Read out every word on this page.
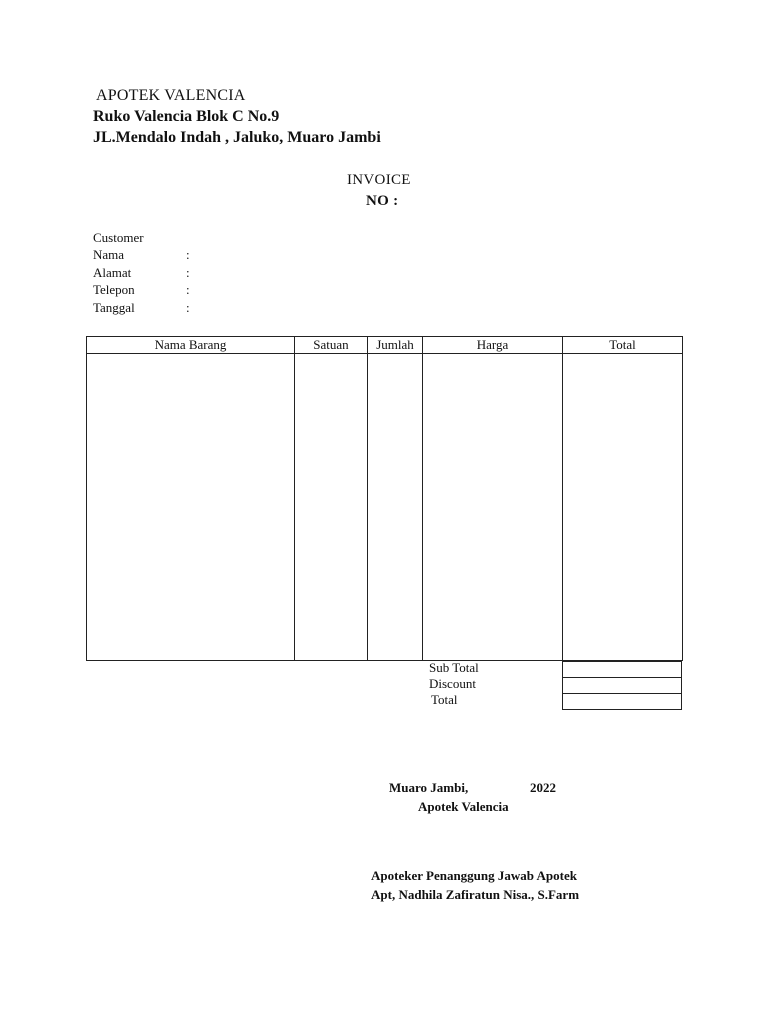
APOTEK VALENCIA
Ruko Valencia Blok C No.9
JL.Mendalo Indah , Jaluko, Muaro Jambi
INVOICE
NO :
Customer
Nama	:
Alamat	:
Telepon	:
Tanggal	:
Nama Barang	Satuan	Jumlah	Harga	Total

Sub Total
Discount
Total

Muaro Jambi,	2022
Apotek Valencia
Apoteker Penanggung Jawab Apotek
Apt, Nadhila Zafiratun Nisa., S.Farm
